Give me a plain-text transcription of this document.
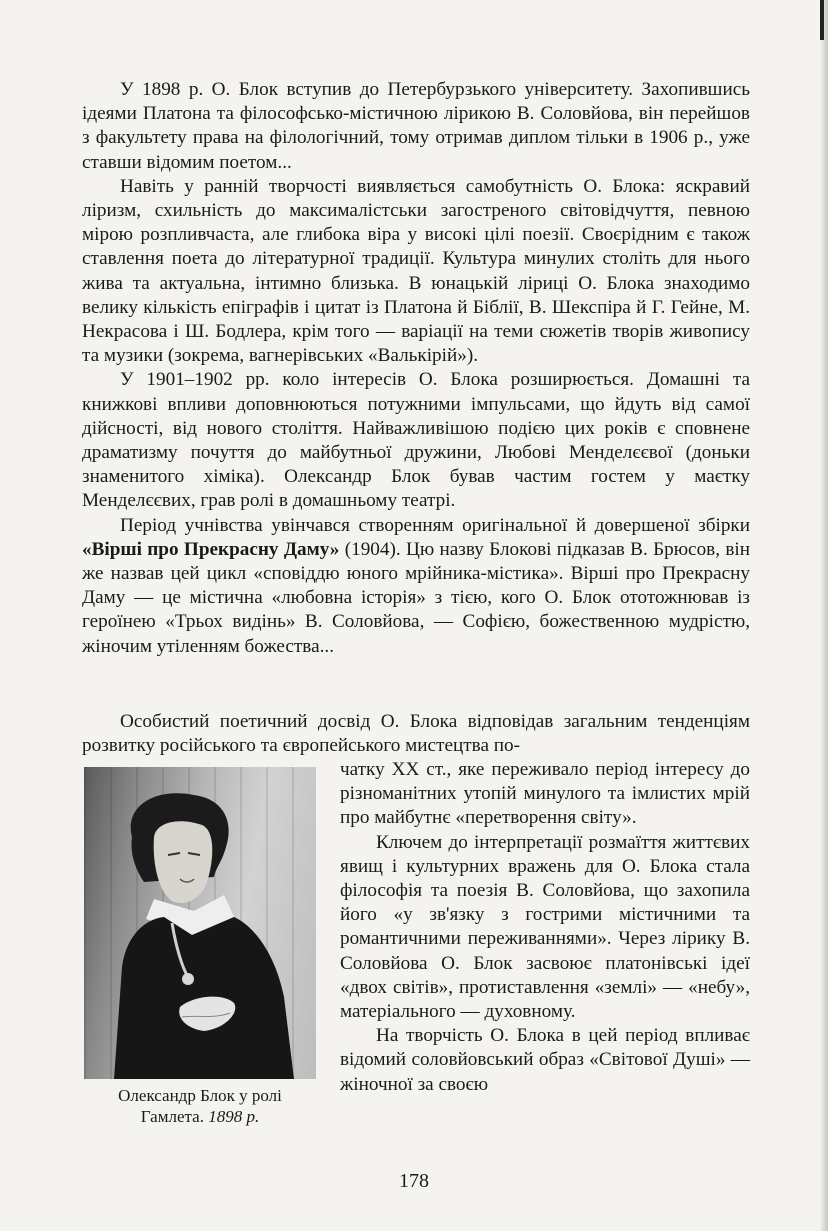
У 1898 р. О. Блок вступив до Петербурзького університету. Захопившись ідеями Платона та філософсько-містичною лірикою В. Соловйова, він перейшов з факультету права на філологічний, тому отримав диплом тільки в 1906 р., уже ставши відомим поетом...

Навіть у ранній творчості виявляється самобутність О. Блока: яскравий ліризм, схильність до максималістськи загостреного світовідчуття, певною мірою розпливчаста, але глибока віра у високі цілі поезії. Своєрідним є також ставлення поета до літературної традиції. Культура минулих століть для нього жива та актуальна, інтимно близька. В юнацькій ліриці О. Блока знаходимо велику кількість епіграфів і цитат із Платона й Біблії, В. Шекспіра й Г. Гейне, М. Некрасова і Ш. Бодлера, крім того — варіації на теми сюжетів творів живопису та музики (зокрема, вагнерівських «Валькірій»).

У 1901–1902 рр. коло інтересів О. Блока розширюється. Домашні та книжкові впливи доповнюються потужними імпульсами, що йдуть від самої дійсності, від нового століття. Найважливішою подією цих років є сповнене драматизму почуття до майбутньої дружини, Любові Менделєєвої (доньки знаменитого хіміка). Олександр Блок бував частим гостем у маєтку Менделєєвих, грав ролі в домашньому театрі.

Період учнівства увінчався створенням оригінальної й довершеної збірки «Вірші про Прекрасну Даму» (1904). Цю назву Блокові підказав В. Брюсов, він же назвав цей цикл «сповіддю юного мрійника-містика». Вірші про Прекрасну Даму — це містична «любовна історія» з тією, кого О. Блок ототожнював із героїнею «Трьох видінь» В. Соловйова, — Софією, божественною мудрістю, жіночим утіленням божества...

Особистий поетичний досвід О. Блока відповідав загальним тенденціям розвитку російського та європейського мистецтва по-

Олександр Блок у ролі
Гамлета. 1898 р.

чатку ХХ ст., яке переживало період інтересу до різноманітних утопій минулого та імлистих мрій про майбутнє «перетворення світу».

Ключем до інтерпретації розмаїття життєвих явищ і культурних вражень для О. Блока стала філософія та поезія В. Соловйова, що захопила його «у зв'язку з гострими містичними та романтичними переживаннями». Через лірику В. Соловйова О. Блок засвоює платонівські ідеї «двох світів», протиставлення «землі» — «небу», матеріального — духовному.

На творчість О. Блока в цей період впливає відомий соловйовський образ «Світової Душі» — жіночної за своєю

178
